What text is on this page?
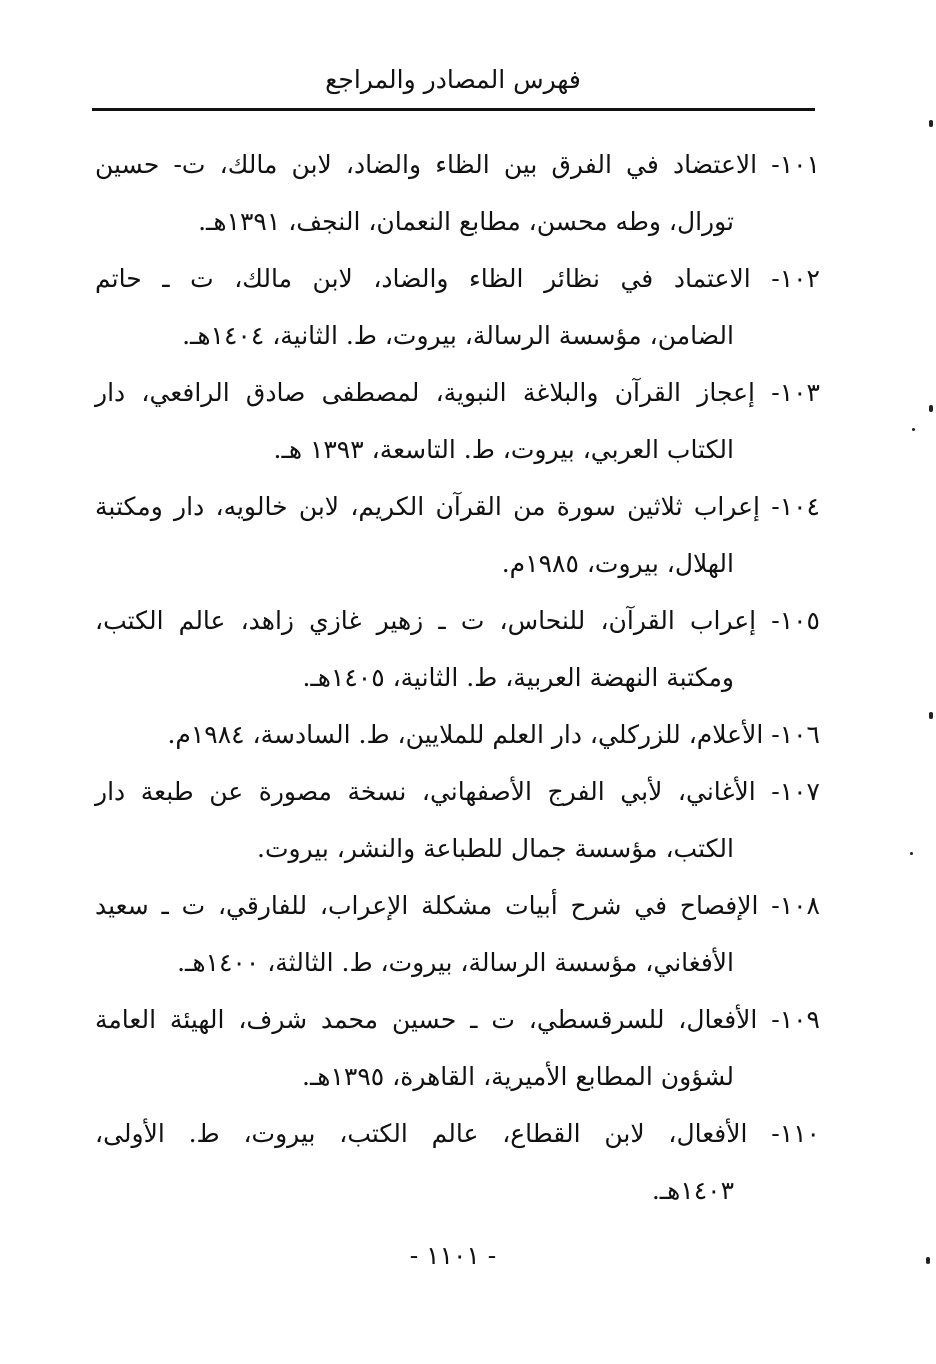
فهرس المصادر والمراجع
١٠١- الاعتضاد في الفرق بين الظاء والضاد، لابن مالك، ت- حسين
تورال، وطه محسن، مطابع النعمان، النجف، ١٣٩١هـ.
١٠٢- الاعتماد في نظائر الظاء والضاد، لابن مالك، ت ـ حاتم
الضامن، مؤسسة الرسالة، بيروت، ط. الثانية، ١٤٠٤هـ.
١٠٣- إعجاز القرآن والبلاغة النبوية، لمصطفى صادق الرافعي، دار
الكتاب العربي، بيروت، ط. التاسعة، ١٣٩٣ هـ.
١٠٤- إعراب ثلاثين سورة من القرآن الكريم، لابن خالويه، دار ومكتبة
الهلال، بيروت، ١٩٨٥م.
١٠٥- إعراب القرآن، للنحاس، ت ـ زهير غازي زاهد، عالم الكتب،
ومكتبة النهضة العربية، ط. الثانية، ١٤٠٥هـ.
١٠٦- الأعلام، للزركلي، دار العلم للملايين، ط. السادسة، ١٩٨٤م.
١٠٧- الأغاني، لأبي الفرج الأصفهاني، نسخة مصورة عن طبعة دار
الكتب، مؤسسة جمال للطباعة والنشر، بيروت.
١٠٨- الإفصاح في شرح أبيات مشكلة الإعراب، للفارقي، ت ـ سعيد
الأفغاني، مؤسسة الرسالة، بيروت، ط. الثالثة، ١٤٠٠هـ.
١٠٩- الأفعال، للسرقسطي، ت ـ حسين محمد شرف، الهيئة العامة
لشؤون المطابع الأميرية، القاهرة، ١٣٩٥هـ.
١١٠- الأفعال، لابن القطاع، عالم الكتب، بيروت، ط. الأولى،
١٤٠٣هـ.
- ١١٠١ -
